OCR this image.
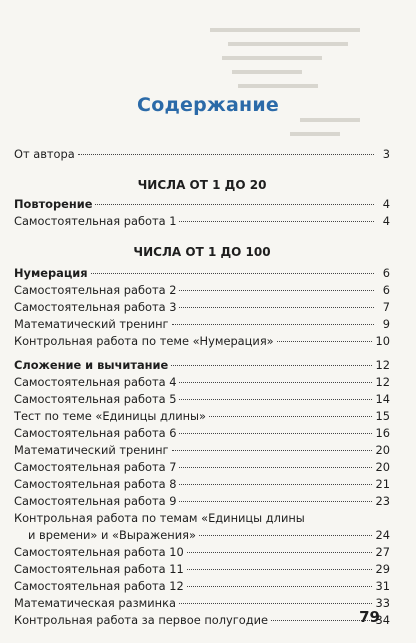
Содержание
От автора	3
ЧИСЛА ОТ 1 ДО 20
Повторение	4
Самостоятельная работа 1	4
ЧИСЛА ОТ 1 ДО 100
Нумерация	6
Самостоятельная работа 2	6
Самостоятельная работа 3	7
Математический тренинг	9
Контрольная работа по теме «Нумерация»	10
Сложение и вычитание	12
Самостоятельная работа 4	12
Самостоятельная работа 5	14
Тест по теме «Единицы длины»	15
Самостоятельная работа 6	16
Математический тренинг	20
Самостоятельная работа 7	20
Самостоятельная работа 8	21
Самостоятельная работа 9	23
Контрольная работа по темам «Единицы длины
и времени» и «Выражения»	24
Самостоятельная работа 10	27
Самостоятельная работа 11	29
Самостоятельная работа 12	31
Математическая разминка	33
Контрольная работа за первое полугодие	34
79
